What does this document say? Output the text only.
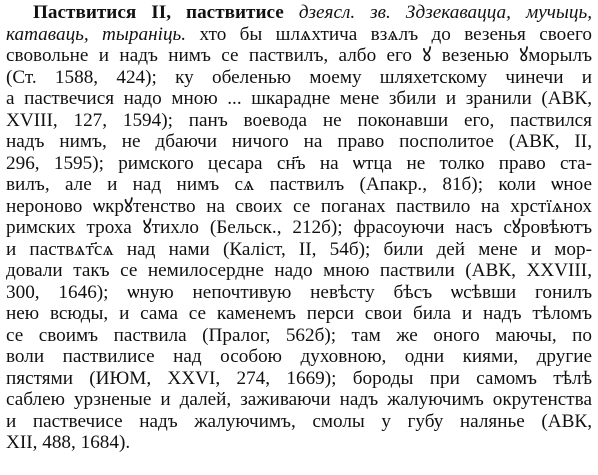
Паствитися II, паствитисе дзеясл. зв. Здзекавацца, мучыць,
катаваць, тыраніць. хто бы шлѧхтича взѧлъ до везенья своего
свовольне и надъ нимъ се паствилъ, албо его ꙋ везенью ꙋморылъ
(Ст. 1588, 424); ку обеленью моему шляхетскому чинечи и
а паствечися надо мною ... шкарадне мене збили и зранили (АВК,
XVIII, 127, 1594); панъ воевода не поконавши его, паствился
надъ нимъ, не дбаючи ничого на право посполитое (АВК, II,
296, 1595); римского цесара сн҃ъ на ѡтца не толко право ста-
вилъ, але и над нимъ сѧ паствилъ (Апакр., 81б); коли ѡное
нероново ѡкрꙋтенство на своих се поганах паствило на хрстїѧнох
римских троха ꙋтихло (Бельск., 212б); фрасоуючи насъ сꙋровѣютъ
и паствѧт҃сѧ над нами (Каліст, II, 54б); били дей мене и мор-
довали такъ се немилосердне надо мною паствили (АВК, XXVIII,
300, 1646); ѡную непочтивую невѣсту бѣсъ ѡсѣвши гонилъ
нею всюды, и сама се каменемъ перси свои била и надъ тѣломъ
се своимъ паствила (Пралог, 562б); там же оного маючы, по
воли паствилисе над особою духовною, одни киями, другие
пястями (ИЮМ, XXVI, 274, 1669); бороды при самомъ тѣлѣ
саблею урзненые и далей, заживаючи надъ жалуючимъ окрутенства
и паствечисе надъ жалуючимъ, смолы у губу налянье (АВК,
XII, 488, 1684).
